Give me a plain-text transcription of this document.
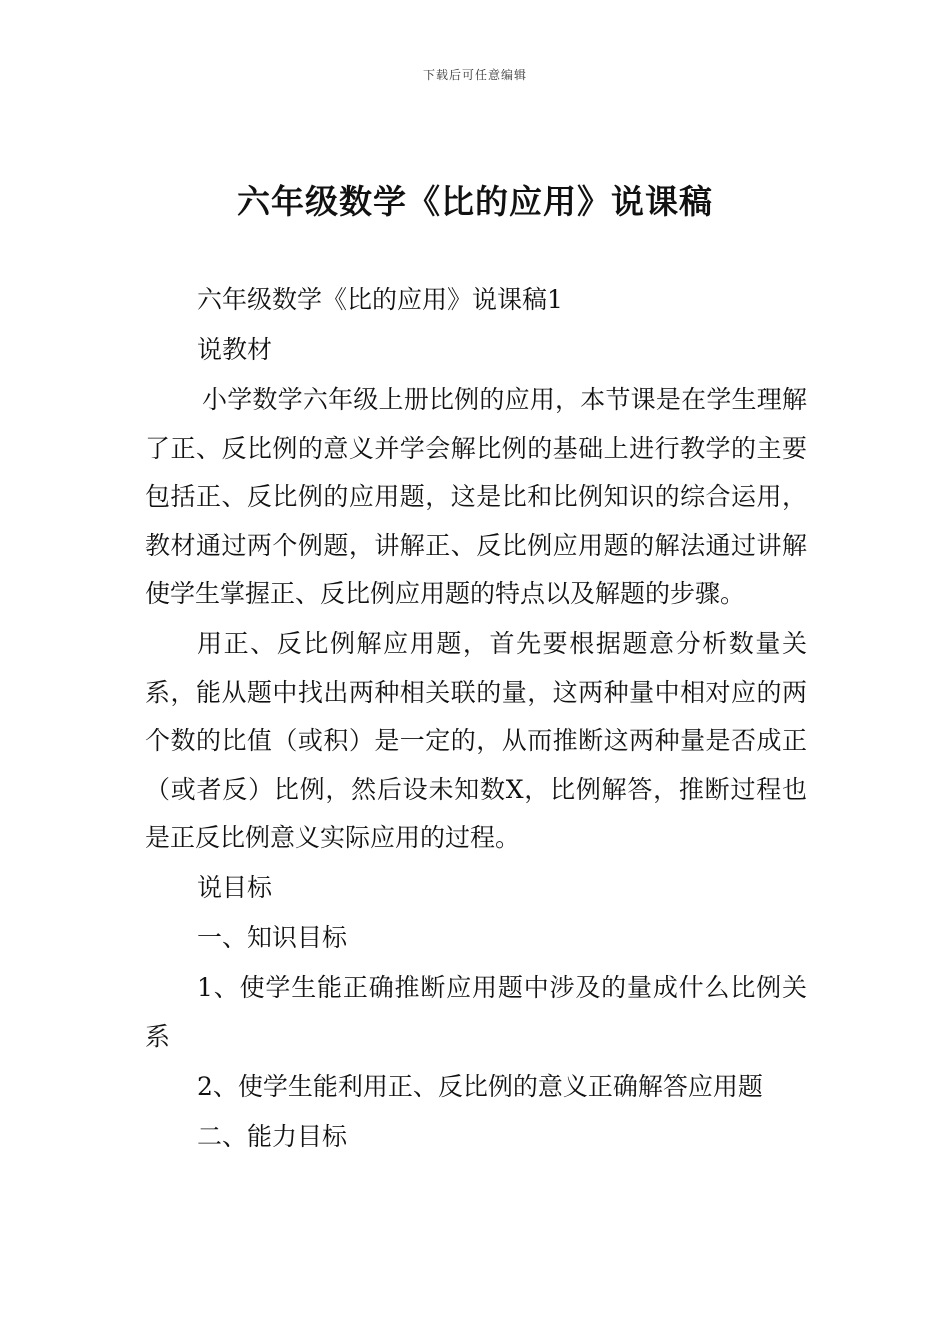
下载后可任意编辑
六年级数学《比的应用》说课稿

六年级数学《比的应用》说课稿1

说教材

小学数学六年级上册比例的应用，本节课是在学生理解了正、反比例的意义并学会解比例的基础上进行教学的主要包括正、反比例的应用题，这是比和比例知识的综合运用，教材通过两个例题，讲解正、反比例应用题的解法通过讲解使学生掌握正、反比例应用题的特点以及解题的步骤。

用正、反比例解应用题，首先要根据题意分析数量关系，能从题中找出两种相关联的量，这两种量中相对应的两个数的比值（或积）是一定的，从而推断这两种量是否成正（或者反）比例，然后设未知数X，比例解答，推断过程也是正反比例意义实际应用的过程。

说目标

一、知识目标

1、使学生能正确推断应用题中涉及的量成什么比例关系

2、使学生能利用正、反比例的意义正确解答应用题

二、能力目标
